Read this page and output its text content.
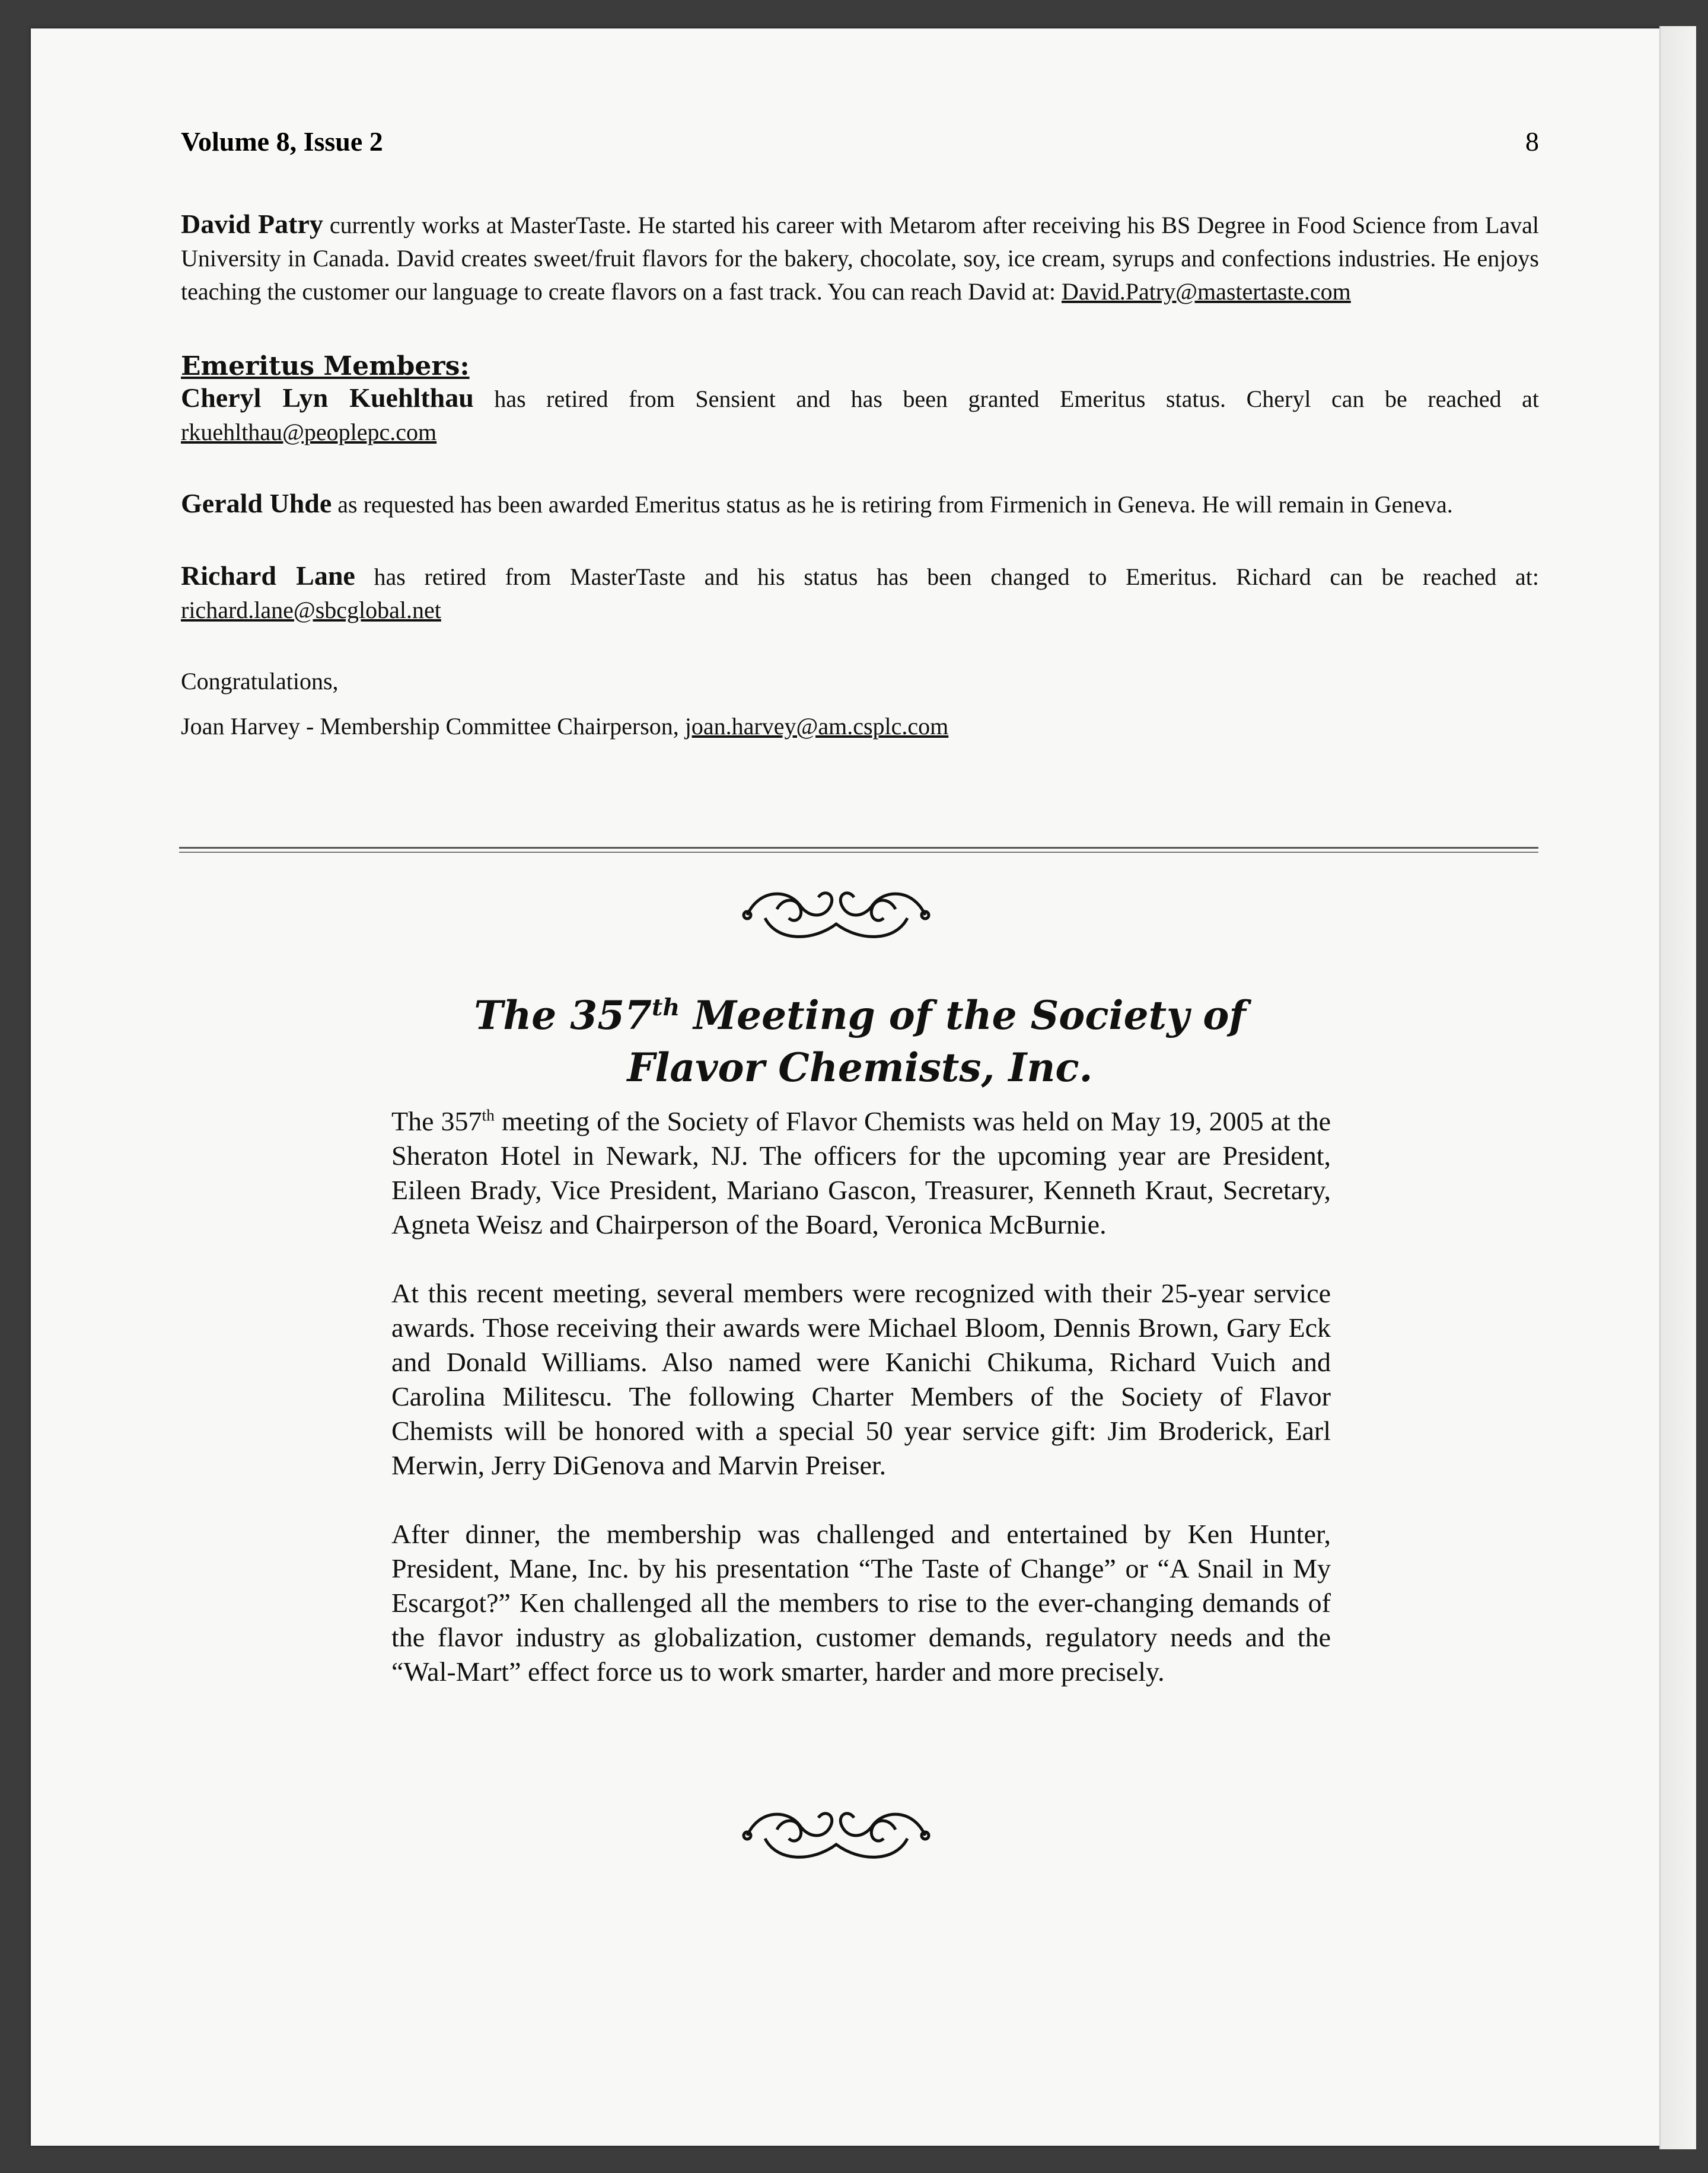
Volume 8, Issue 2	8

David Patry currently works at MasterTaste. He started his career with Metarom after receiving his BS Degree in Food Science from Laval University in Canada. David creates sweet/fruit flavors for the bakery, chocolate, soy, ice cream, syrups and confections industries. He enjoys teaching the customer our language to create flavors on a fast track. You can reach David at: David.Patry@mastertaste.com

Emeritus Members:

Cheryl Lyn Kuehlthau has retired from Sensient and has been granted Emeritus status. Cheryl can be reached at rkuehlthau@peoplepc.com

Gerald Uhde as requested has been awarded Emeritus status as he is retiring from Firmenich in Geneva. He will remain in Geneva.

Richard Lane has retired from MasterTaste and his status has been changed to Emeritus. Richard can be reached at: richard.lane@sbcglobal.net

Congratulations,

Joan Harvey - Membership Committee Chairperson, joan.harvey@am.csplc.com

The 357th Meeting of the Society of Flavor Chemists, Inc.

The 357th meeting of the Society of Flavor Chemists was held on May 19, 2005 at the Sheraton Hotel in Newark, NJ. The officers for the upcoming year are President, Eileen Brady, Vice President, Mariano Gascon, Treasurer, Kenneth Kraut, Secretary, Agneta Weisz and Chairperson of the Board, Veronica McBurnie.

At this recent meeting, several members were recognized with their 25-year service awards. Those receiving their awards were Michael Bloom, Dennis Brown, Gary Eck and Donald Williams. Also named were Kanichi Chikuma, Richard Vuich and Carolina Militescu. The following Charter Members of the Society of Flavor Chemists will be honored with a special 50 year service gift: Jim Broderick, Earl Merwin, Jerry DiGenova and Marvin Preiser.

After dinner, the membership was challenged and entertained by Ken Hunter, President, Mane, Inc. by his presentation “The Taste of Change” or “A Snail in My Escargot?” Ken challenged all the members to rise to the ever-changing demands of the flavor industry as globalization, customer demands, regulatory needs and the “Wal-Mart” effect force us to work smarter, harder and more precisely.
